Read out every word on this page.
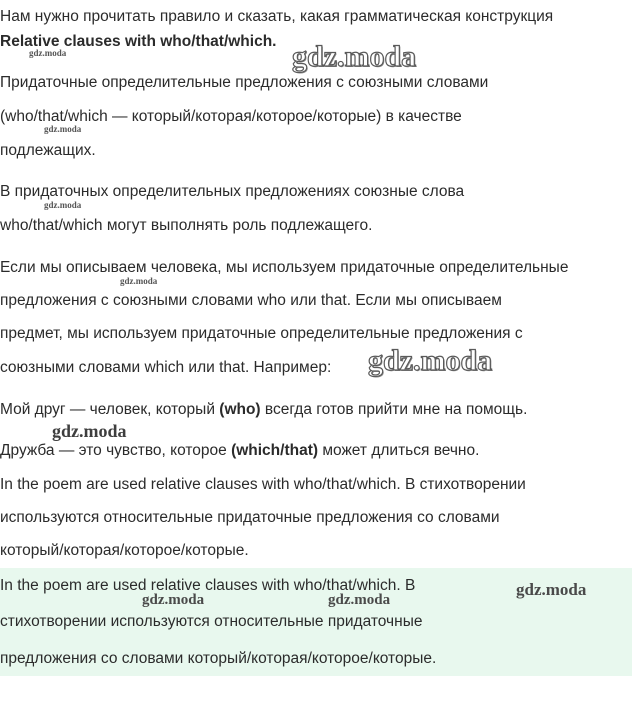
Нам нужно прочитать правило и сказать, какая грамматическая конструкция
Relative clauses with who/that/which.
Придаточные определительные предложения с союзными словами
(who/that/which — который/которая/которое/которые) в качестве
подлежащих.
В придаточных определительных предложениях союзные слова
who/that/which могут выполнять роль подлежащего.
Если мы описываем человека, мы используем придаточные определительные
предложения с союзными словами who или that. Если мы описываем
предмет, мы используем придаточные определительные предложения с
союзными словами which или that. Например:
Мой друг — человек, который (who) всегда готов прийти мне на помощь.
Дружба — это чувство, которое (which/that) может длиться вечно.
In the poem are used relative clauses with who/that/which. В стихотворении
используются относительные придаточные предложения со словами
который/которая/которое/которые.
In the poem are used relative clauses with who/that/which. В
стихотворении используются относительные придаточные
предложения со словами который/которая/которое/которые.
gdz.moda
gdz.moda
gdz.moda
gdz.moda
gdz.moda
gdz.moda
gdz.moda
gdz.moda	gdz.moda
gdz.moda
